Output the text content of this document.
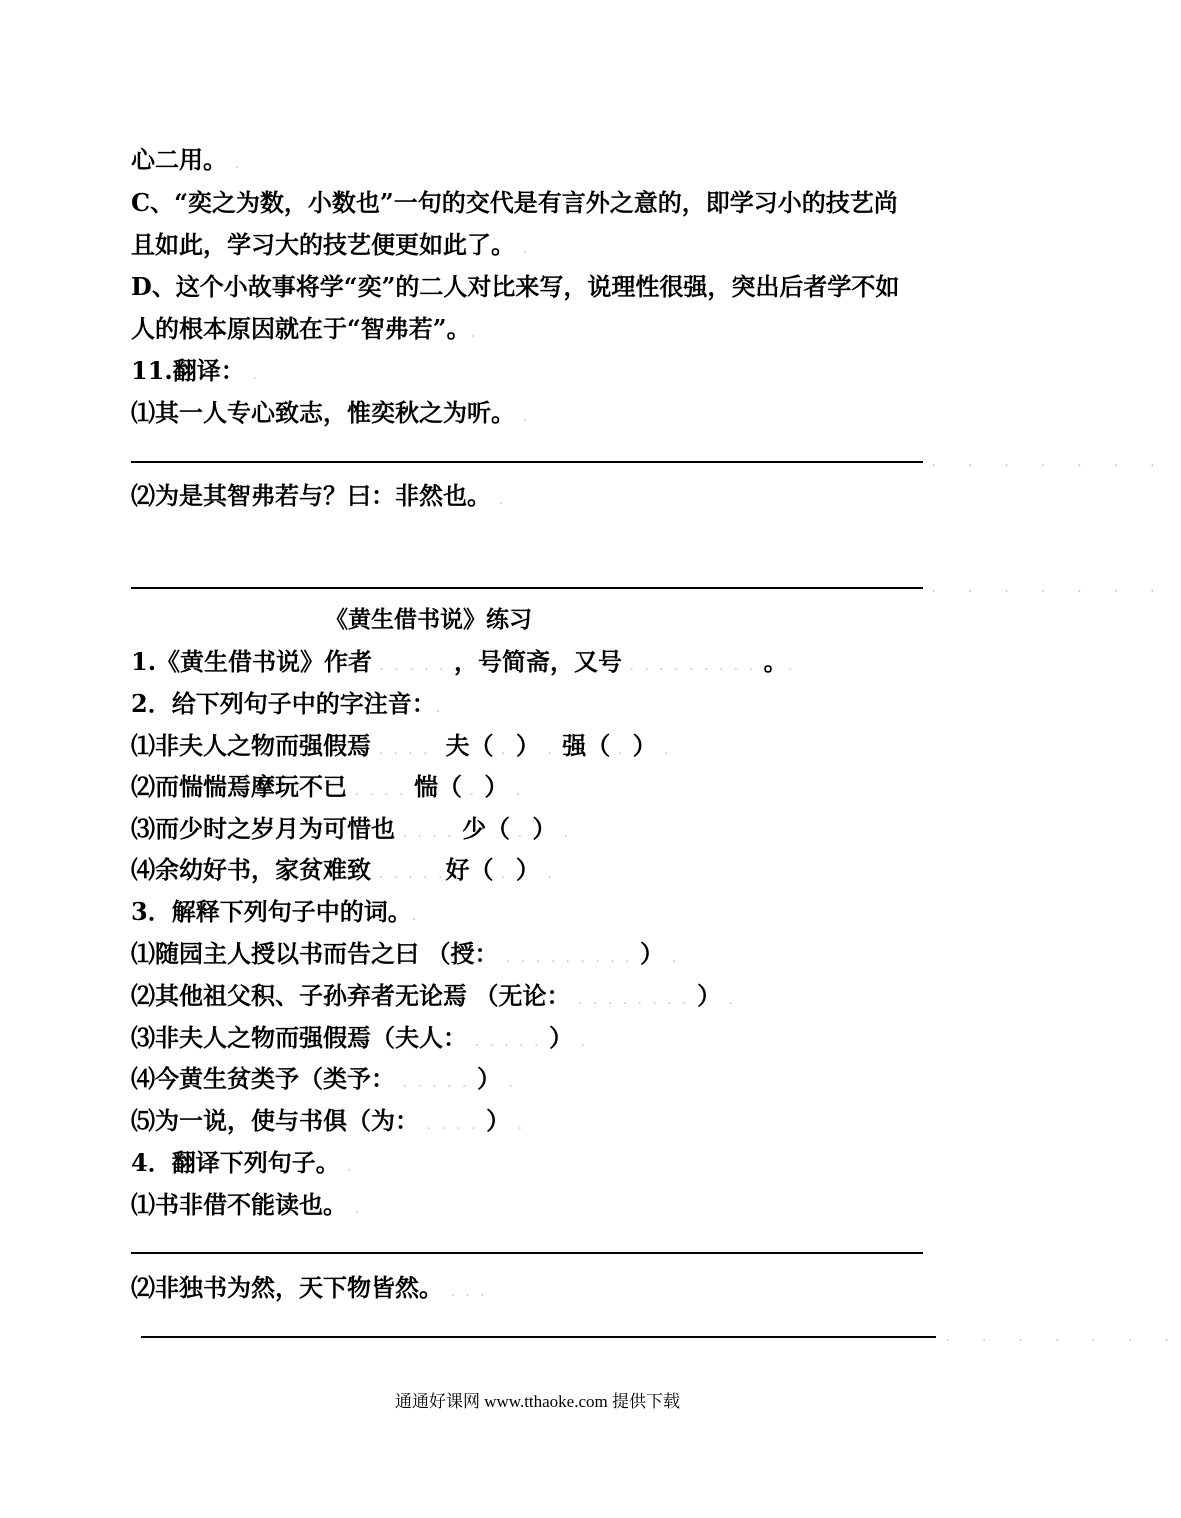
心二用。 .
C、“奕之为数，小数也”一句的交代是有言外之意的，即学习小的技艺尚
且如此，学习大的技艺便更如此了。 .
D、这个小故事将学“奕”的二人对比来写，说理性很强，突出后者学不如
人的根本原因就在于“智弗若”。.
11.翻译： .
⑴其一人专心致志，惟奕秋之为听。 .
. . . . . . .
⑵为是其智弗若与？曰：非然也。 .
. . . . . . .
《黄生借书说》练习
1.《黄生借书说》作者 . . . . . ，号简斋，又号 . . . . . . . . . 。.
2．给下列句子中的字注音：.
⑴非夫人之物而强假焉 . . . .  夫（ . ） . 强（ . ） .
⑵而惴惴焉摩玩不已 . . . . 惴（ . ） .
⑶而少时之岁月为可惜也 . . . . 少（ . ） .
⑷余幼好书，家贫难致 . . . . .好（ . ） .
3．解释下列句子中的词。.
⑴随园主人授以书而告之曰 （授： . . . . . . . . . ） .
⑵其他祖父积、子孙弃者无论焉 （无论： . . . . . . . . ） .
⑶非夫人之物而强假焉（夫人： . . . . . ） .
⑷今黄生贫类予（类予： . . . . . ） .
⑸为一说，使与书俱（为： . . . . ） .
4．翻译下列句子。 .
⑴书非借不能读也。 .
⑵非独书为然，天下物皆然。 . . .
. . . . . . .
通通好课网 www.tthaoke.com 提供下载
